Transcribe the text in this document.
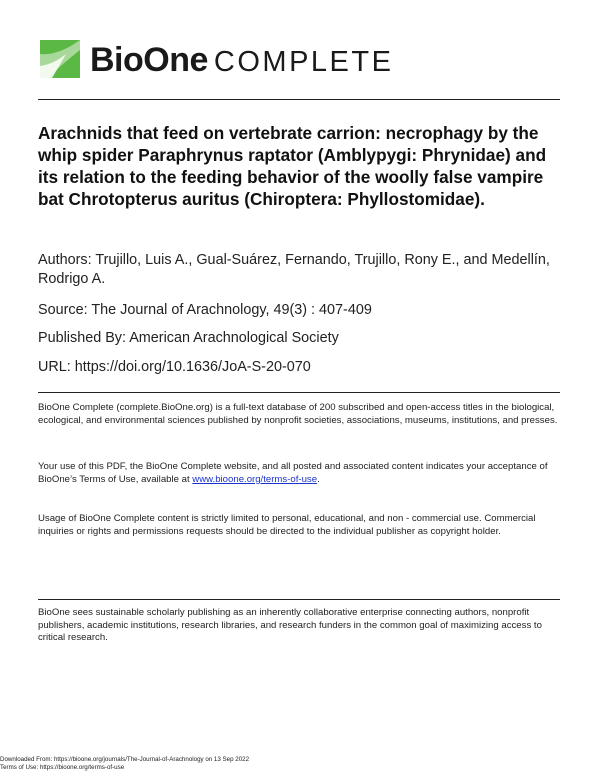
BioOne COMPLETE
Arachnids that feed on vertebrate carrion: necrophagy by the whip spider Paraphrynus raptator (Amblypygi: Phrynidae) and its relation to the feeding behavior of the woolly false vampire bat Chrotopterus auritus (Chiroptera: Phyllostomidae).

Authors: Trujillo, Luis A., Gual-Suárez, Fernando, Trujillo, Rony E., and Medellín, Rodrigo A.

Source: The Journal of Arachnology, 49(3) : 407-409

Published By: American Arachnological Society

URL: https://doi.org/10.1636/JoA-S-20-070

BioOne Complete (complete.BioOne.org) is a full-text database of 200 subscribed and open-access titles in the biological, ecological, and environmental sciences published by nonprofit societies, associations, museums, institutions, and presses.

Your use of this PDF, the BioOne Complete website, and all posted and associated content indicates your acceptance of BioOne’s Terms of Use, available at www.bioone.org/terms-of-use.

Usage of BioOne Complete content is strictly limited to personal, educational, and non - commercial use. Commercial inquiries or rights and permissions requests should be directed to the individual publisher as copyright holder.

BioOne sees sustainable scholarly publishing as an inherently collaborative enterprise connecting authors, nonprofit publishers, academic institutions, research libraries, and research funders in the common goal of maximizing access to critical research.

Downloaded From: https://bioone.org/journals/The-Journal-of-Arachnology on 13 Sep 2022
Terms of Use: https://bioone.org/terms-of-use
